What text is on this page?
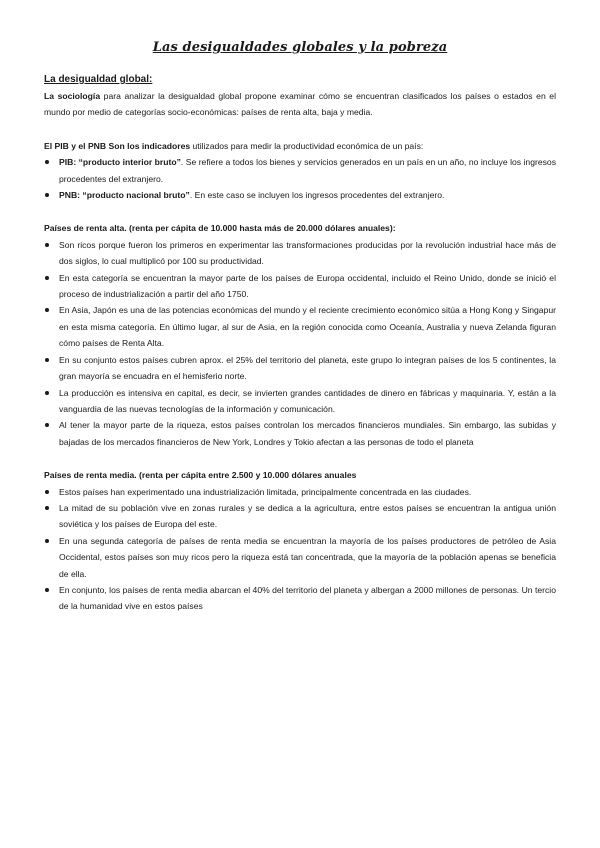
Las desigualdades globales y la pobreza
La desigualdad global:

La sociología para analizar la desigualdad global propone examinar cómo se encuentran clasificados los países o estados en el mundo por medio de categorías socio-económicas: países de renta alta, baja y media.

El PIB y el PNB Son los indicadores utilizados para medir la productividad económica de un país:

PIB: “producto interior bruto”. Se refiere a todos los bienes y servicios generados en un país en un año, no incluye los ingresos procedentes del extranjero.
PNB: “producto nacional bruto”. En este caso se incluyen los ingresos procedentes del extranjero.

Países de renta alta. (renta per cápita de 10.000 hasta más de 20.000 dólares anuales):

Son ricos porque fueron los primeros en experimentar las transformaciones producidas por la revolución industrial hace más de dos siglos, lo cual multiplicó por 100 su productividad.
En esta categoría se encuentran la mayor parte de los países de Europa occidental, incluido el Reino Unido, donde se inició el proceso de industrialización a partir del año 1750.
En Asia, Japón es una de las potencias económicas del mundo y el reciente crecimiento económico sitúa a Hong Kong y Singapur en esta misma categoría. En último lugar, al sur de Asia, en la región conocida como Oceanía, Australia y nueva Zelanda figuran cómo países de Renta Alta.
En su conjunto estos países cubren aprox. el 25% del territorio del planeta, este grupo lo integran países de los 5 continentes, la gran mayoría se encuadra en el hemisferio norte.
La producción es intensiva en capital, es decir, se invierten grandes cantidades de dinero en fábricas y maquinaria. Y, están a la vanguardia de las nuevas tecnologías de la información y comunicación.
Al tener la mayor parte de la riqueza, estos países controlan los mercados financieros mundiales. Sin embargo, las subidas y bajadas de los mercados financieros de New York, Londres y Tokio afectan a las personas de todo el planeta

Países de renta media. (renta per cápita entre 2.500 y 10.000 dólares anuales

Estos países han experimentado una industrialización limitada, principalmente concentrada en las ciudades.
La mitad de su población vive en zonas rurales y se dedica a la agricultura, entre estos países se encuentran la antigua unión soviética y los países de Europa del este.
En una segunda categoría de países de renta media se encuentran la mayoría de los países productores de petróleo de Asia Occidental, estos países son muy ricos pero la riqueza está tan concentrada, que la mayoría de la población apenas se beneficia de ella.
En conjunto, los países de renta media abarcan el 40% del territorio del planeta y albergan a 2000 millones de personas. Un tercio de la humanidad vive en estos países
